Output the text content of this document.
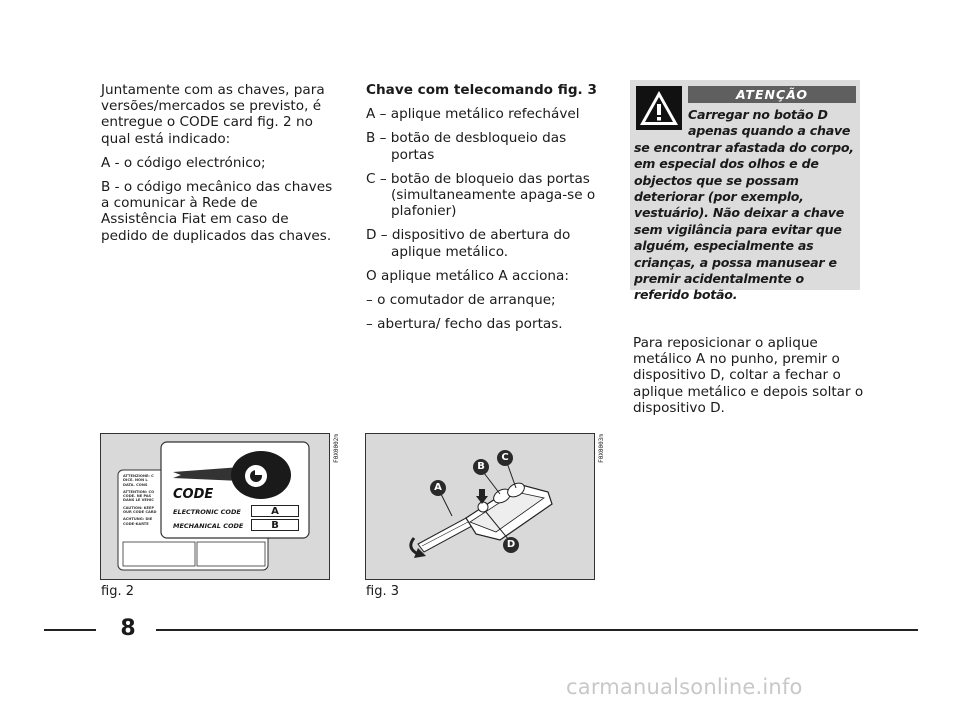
Juntamente com as chaves, para versões/mercados se previsto, é entregue o CODE card fig. 2 no qual está indicado:

A - o código electrónico;

B - o código mecânico das chaves a comunicar à Rede de Assistência Fiat em caso de pedido de duplicados das chaves.

Chave com telecomando fig. 3

A – aplique metálico refechável

B – botão de desbloqueio das portas

C – botão de bloqueio das portas (simultaneamente apaga-se o plafonier)

D – dispositivo de abertura do aplique metálico.

O aplique metálico A acciona:

– o comutador de arranque;

– abertura/ fecho das portas.

ATENÇÃO
Carregar no botão D apenas quando a chave
se encontrar afastada do corpo, em especial dos olhos e de objectos que se possam deteriorar (por exemplo, vestuário). Não deixar a chave sem vigilância para evitar que alguém, especialmente as crianças, a possa manusear e premir acidentalmente o referido botão.

Para reposicionar o aplique metálico A no punho, premir o dispositivo D, coltar a fechar o aplique metálico e depois soltar o dispositivo D.

ATTENZIONE: C
DICE. NON L
DATA. CONS
ATTENTION: CO
CODE. NE PAS
DANS LE VEHIC
CAUTION: KEEP
OUR CODE CARD
ACHTUNG: DIE
CODE-KARTE
CODE
ELECTRONIC CODE
MECHANICAL CODE
A
B
F0X0002m
fig. 2
A
B
C
D
F0X0003m
fig. 3
8
carmanualsonline.info
